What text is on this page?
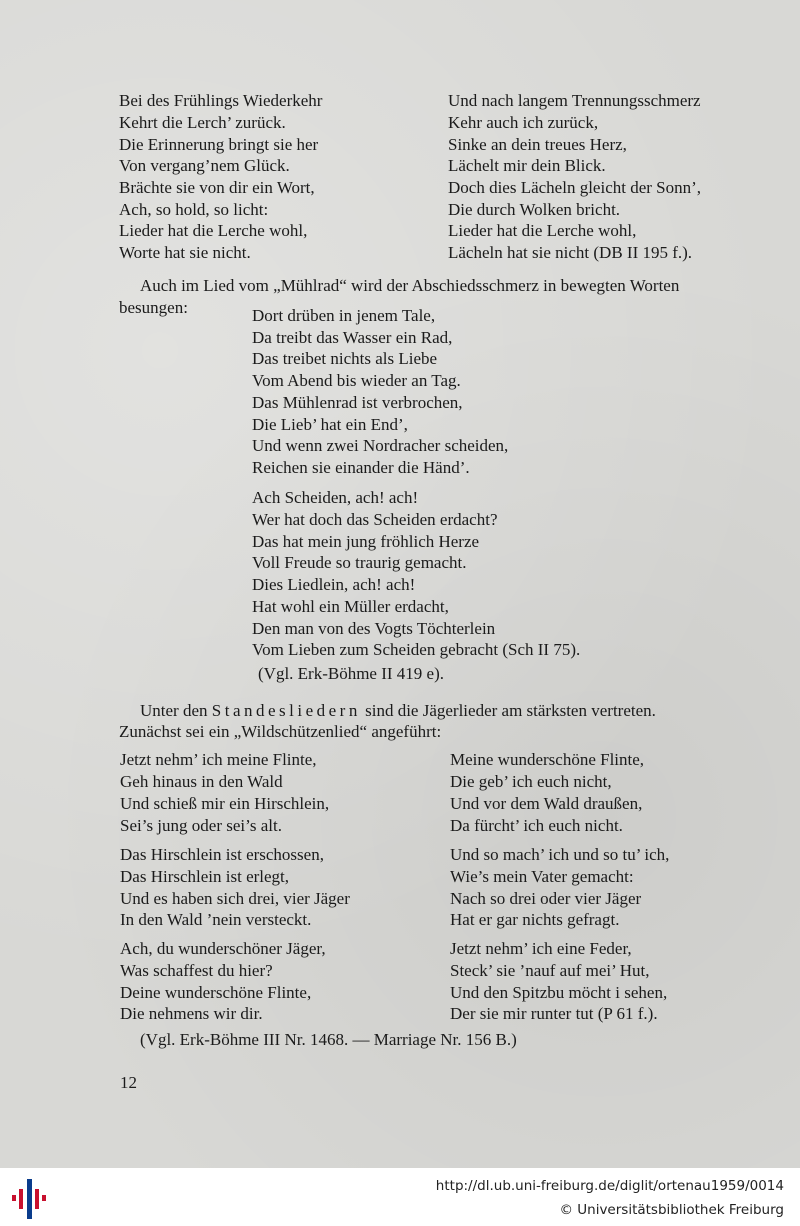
Bei des Frühlings Wiederkehr
Kehrt die Lerch’ zurück.
Die Erinnerung bringt sie her
Von vergang’nem Glück.
Brächte sie von dir ein Wort,
Ach, so hold, so licht:
Lieder hat die Lerche wohl,
Worte hat sie nicht.
Und nach langem Trennungsschmerz
Kehr auch ich zurück,
Sinke an dein treues Herz,
Lächelt mir dein Blick.
Doch dies Lächeln gleicht der Sonn’,
Die durch Wolken bricht.
Lieder hat die Lerche wohl,
Lächeln hat sie nicht (DB II 195 f.).
Auch im Lied vom „Mühlrad“ wird der Abschiedsschmerz in bewegten Worten
besungen:	Dort drüben in jenem Tale,
Da treibt das Wasser ein Rad,
Das treibet nichts als Liebe
Vom Abend bis wieder an Tag.
Das Mühlenrad ist verbrochen,
Die Lieb’ hat ein End’,
Und wenn zwei Nordracher scheiden,
Reichen sie einander die Händ’.
Ach Scheiden, ach! ach!
Wer hat doch das Scheiden erdacht?
Das hat mein jung fröhlich Herze
Voll Freude so traurig gemacht.
Dies Liedlein, ach! ach!
Hat wohl ein Müller erdacht,
Den man von des Vogts Töchterlein
Vom Lieben zum Scheiden gebracht (Sch II 75).
(Vgl. Erk-Böhme II 419 e).
Unter den Standesliedern sind die Jägerlieder am stärksten vertreten.
Zunächst sei ein „Wildschützenlied“ angeführt:
Jetzt nehm’ ich meine Flinte,
Geh hinaus in den Wald
Und schieß mir ein Hirschlein,
Sei’s jung oder sei’s alt.
Das Hirschlein ist erschossen,
Das Hirschlein ist erlegt,
Und es haben sich drei, vier Jäger
In den Wald ’nein versteckt.
Ach, du wunderschöner Jäger,
Was schaffest du hier?
Deine wunderschöne Flinte,
Die nehmens wir dir.
Meine wunderschöne Flinte,
Die geb’ ich euch nicht,
Und vor dem Wald draußen,
Da fürcht’ ich euch nicht.
Und so mach’ ich und so tu’ ich,
Wie’s mein Vater gemacht:
Nach so drei oder vier Jäger
Hat er gar nichts gefragt.
Jetzt nehm’ ich eine Feder,
Steck’ sie ’nauf auf mei’ Hut,
Und den Spitzbu möcht i sehen,
Der sie mir runter tut (P 61 f.).
(Vgl. Erk-Böhme III Nr. 1468. — Marriage Nr. 156 B.)
12
http://dl.ub.uni-freiburg.de/diglit/ortenau1959/0014
© Universitätsbibliothek Freiburg
